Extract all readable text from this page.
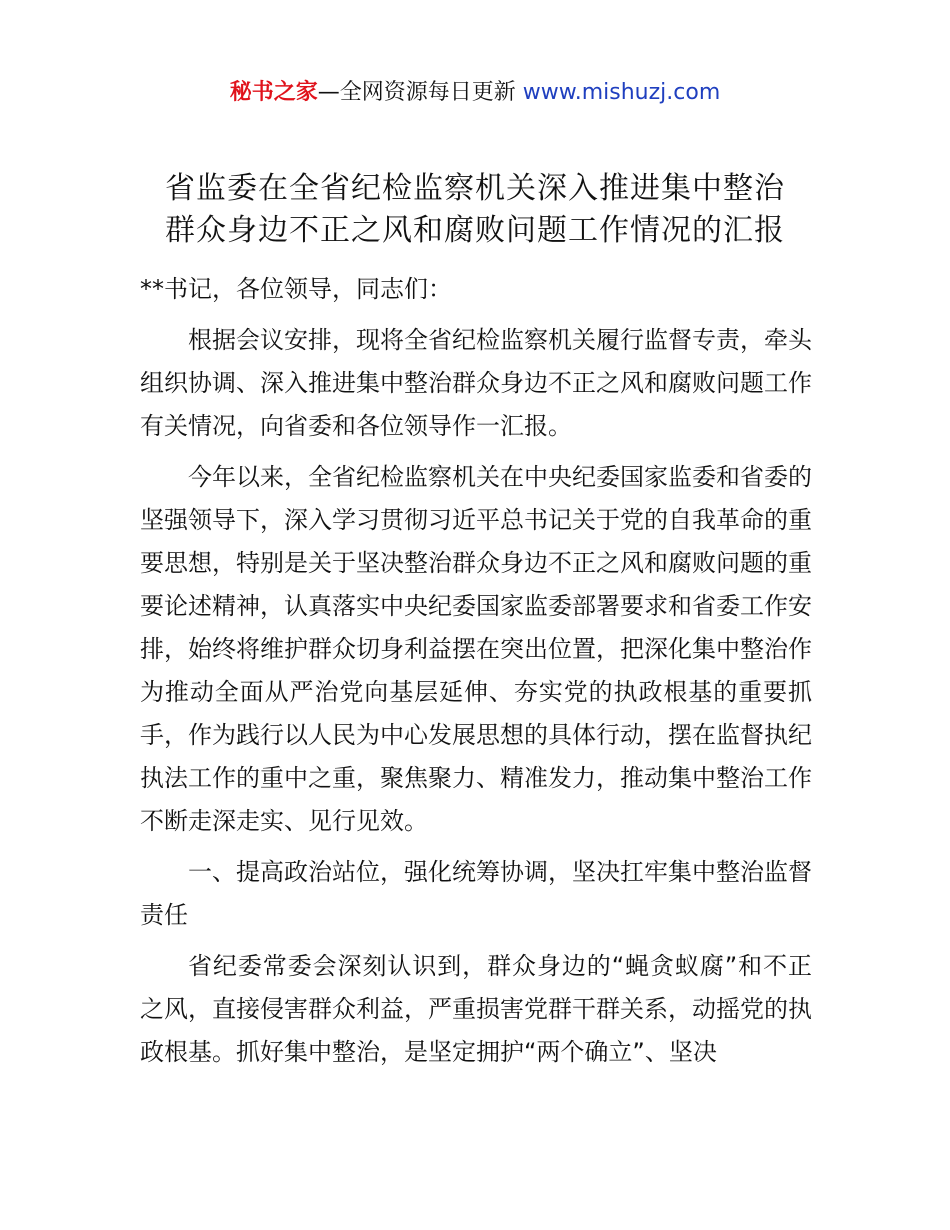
秘书之家—全网资源每日更新 www.mishuzj.com
省监委在全省纪检监察机关深入推进集中整治
群众身边不正之风和腐败问题工作情况的汇报

**书记，各位领导，同志们：

根据会议安排，现将全省纪检监察机关履行监督专责，牵头组织协调、深入推进集中整治群众身边不正之风和腐败问题工作有关情况，向省委和各位领导作一汇报。

今年以来，全省纪检监察机关在中央纪委国家监委和省委的坚强领导下，深入学习贯彻习近平总书记关于党的自我革命的重要思想，特别是关于坚决整治群众身边不正之风和腐败问题的重要论述精神，认真落实中央纪委国家监委部署要求和省委工作安排，始终将维护群众切身利益摆在突出位置，把深化集中整治作为推动全面从严治党向基层延伸、夯实党的执政根基的重要抓手，作为践行以人民为中心发展思想的具体行动，摆在监督执纪执法工作的重中之重，聚焦聚力、精准发力，推动集中整治工作不断走深走实、见行见效。

一、提高政治站位，强化统筹协调，坚决扛牢集中整治监督责任

省纪委常委会深刻认识到，群众身边的“蝇贪蚁腐”和不正之风，直接侵害群众利益，严重损害党群干群关系，动摇党的执政根基。抓好集中整治，是坚定拥护“两个确立”、坚决
